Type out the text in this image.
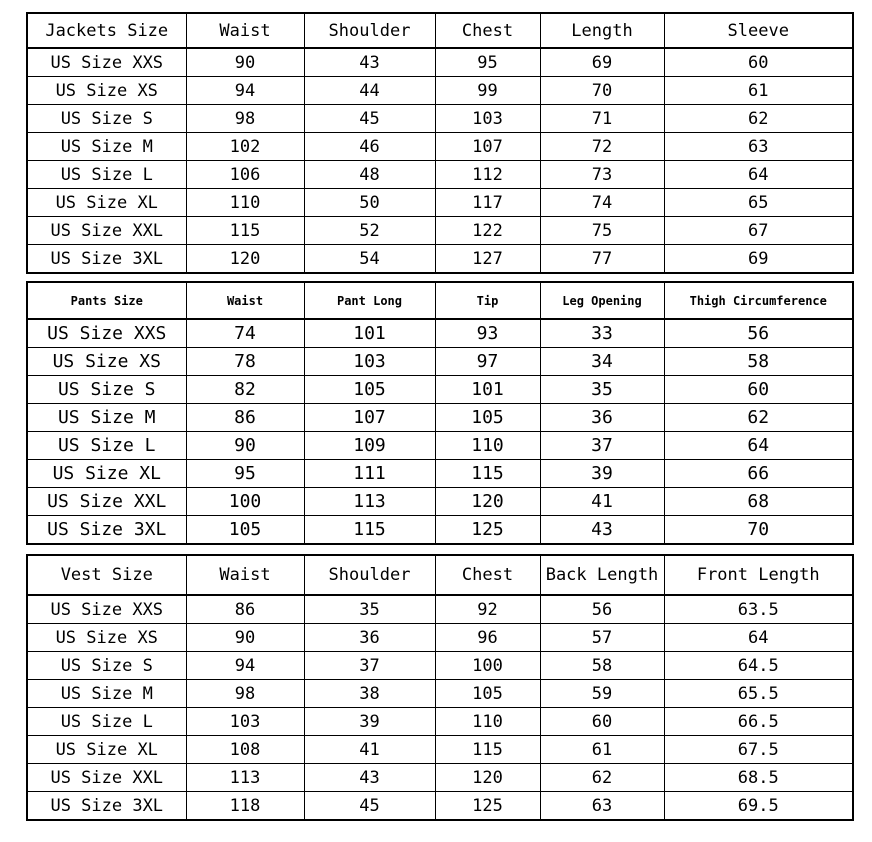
Jackets Size	Waist	Shoulder	Chest	Length	Sleeve
US Size XXS	90	43	95	69	60
US Size XS	94	44	99	70	61
US Size S	98	45	103	71	62
US Size M	102	46	107	72	63
US Size L	106	48	112	73	64
US Size XL	110	50	117	74	65
US Size XXL	115	52	122	75	67
US Size 3XL	120	54	127	77	69
Pants Size	Waist	Pant Long	Tip	Leg Opening	Thigh Circumference
US Size XXS	74	101	93	33	56
US Size XS	78	103	97	34	58
US Size S	82	105	101	35	60
US Size M	86	107	105	36	62
US Size L	90	109	110	37	64
US Size XL	95	111	115	39	66
US Size XXL	100	113	120	41	68
US Size 3XL	105	115	125	43	70
Vest Size	Waist	Shoulder	Chest	Back Length	Front Length
US Size XXS	86	35	92	56	63.5
US Size XS	90	36	96	57	64
US Size S	94	37	100	58	64.5
US Size M	98	38	105	59	65.5
US Size L	103	39	110	60	66.5
US Size XL	108	41	115	61	67.5
US Size XXL	113	43	120	62	68.5
US Size 3XL	118	45	125	63	69.5
